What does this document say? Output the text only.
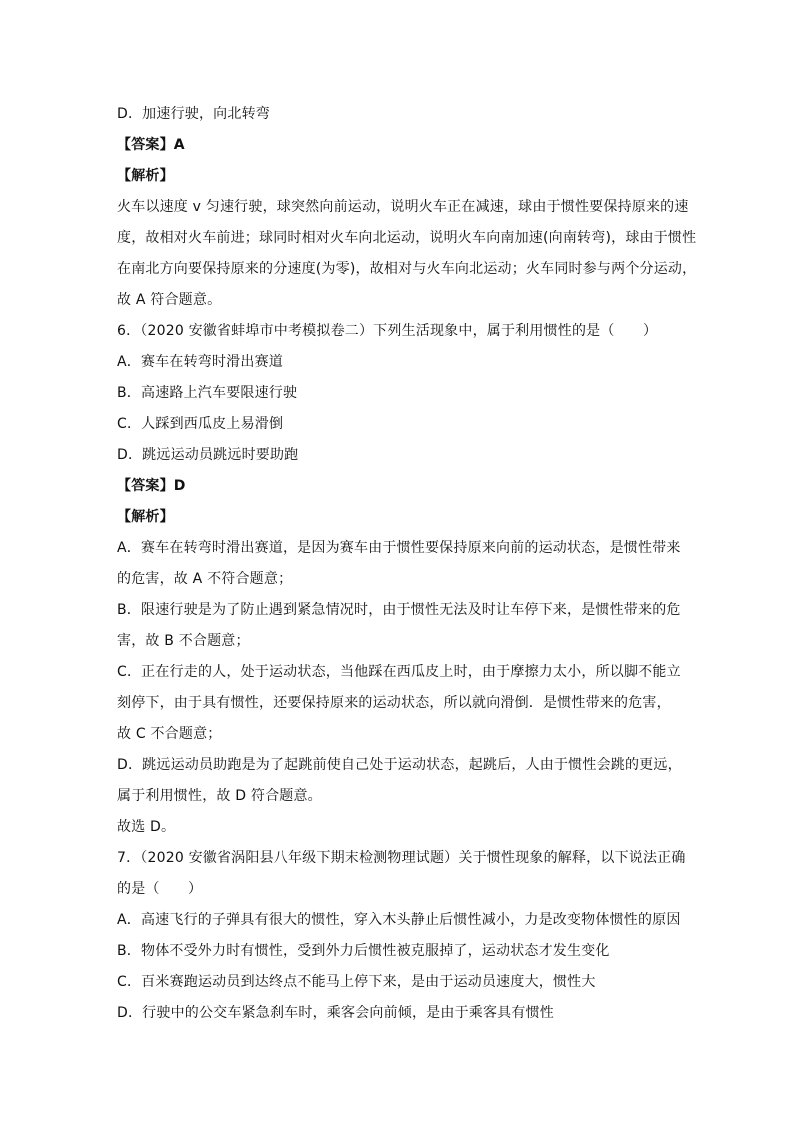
D．加速行驶，向北转弯
【答案】A
【解析】
火车以速度 v 匀速行驶，球突然向前运动，说明火车正在减速，球由于惯性要保持原来的速
度，故相对火车前进；球同时相对火车向北运动，说明火车向南加速(向南转弯)，球由于惯性
在南北方向要保持原来的分速度(为零)，故相对与火车向北运动；火车同时参与两个分运动，
故 A 符合题意。
6．（2020 安徽省蚌埠市中考模拟卷二）下列生活现象中，属于利用惯性的是（　　）
A．赛车在转弯时滑出赛道
B．高速路上汽车要限速行驶
C．人踩到西瓜皮上易滑倒
D．跳远运动员跳远时要助跑
【答案】D
【解析】
A．赛车在转弯时滑出赛道，是因为赛车由于惯性要保持原来向前的运动状态，是惯性带来
的危害，故 A 不符合题意；
B．限速行驶是为了防止遇到紧急情况时，由于惯性无法及时让车停下来，是惯性带来的危
害，故 B 不合题意；
C．正在行走的人，处于运动状态，当他踩在西瓜皮上时，由于摩擦力太小，所以脚不能立
刻停下，由于具有惯性，还要保持原来的运动状态，所以就向滑倒．是惯性带来的危害，
故 C 不合题意；
D．跳远运动员助跑是为了起跳前使自己处于运动状态，起跳后，人由于惯性会跳的更远，
属于利用惯性，故 D 符合题意。
故选 D。
7．（2020 安徽省涡阳县八年级下期末检测物理试题）关于惯性现象的解释，以下说法正确
的是（　　）
A．高速飞行的子弹具有很大的惯性，穿入木头静止后惯性减小，力是改变物体惯性的原因
B．物体不受外力时有惯性，受到外力后惯性被克服掉了，运动状态才发生变化
C．百米赛跑运动员到达终点不能马上停下来，是由于运动员速度大，惯性大
D．行驶中的公交车紧急刹车时，乘客会向前倾，是由于乘客具有惯性
